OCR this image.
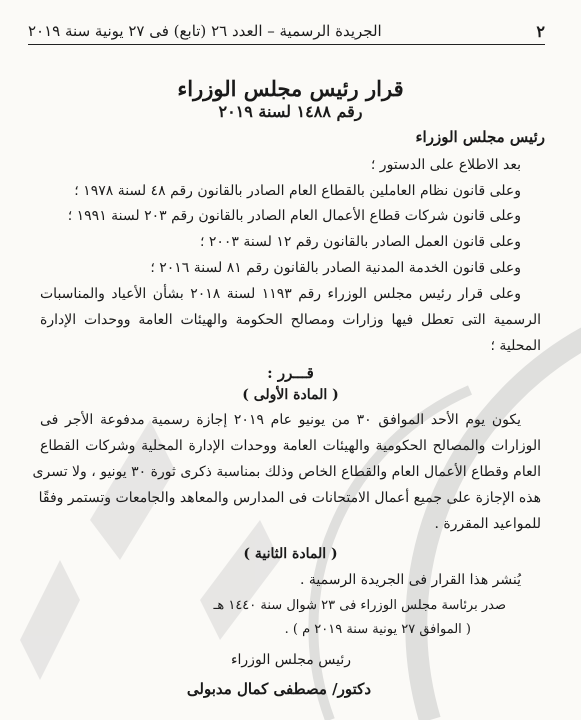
٢
الجريدة الرسمية – العدد ٢٦ (تابع) فى ٢٧ يونية سنة ٢٠١٩
قرار رئيس مجلس الوزراء
رقم ١٤٨٨ لسنة ٢٠١٩
رئيس مجلس الوزراء
بعد الاطلاع على الدستور ؛
وعلى قانون نظام العاملين بالقطاع العام الصادر بالقانون رقم ٤٨ لسنة ١٩٧٨ ؛
وعلى قانون شركات قطاع الأعمال العام الصادر بالقانون رقم ٢٠٣ لسنة ١٩٩١ ؛
وعلى قانون العمل الصادر بالقانون رقم ١٢ لسنة ٢٠٠٣ ؛
وعلى قانون الخدمة المدنية الصادر بالقانون رقم ٨١ لسنة ٢٠١٦ ؛
وعلى قرار رئيس مجلس الوزراء رقم ١١٩٣ لسنة ٢٠١٨ بشأن الأعياد والمناسبات
الرسمية التى تعطل فيها وزارات ومصالح الحكومة والهيئات العامة ووحدات الإدارة
المحلية ؛
قـــرر :
( المادة الأولى )
يكون يوم الأحد الموافق ٣٠ من يونيو عام ٢٠١٩ إجازة رسمية مدفوعة الأجر فى
الوزارات والمصالح الحكومية والهيئات العامة ووحدات الإدارة المحلية وشركات القطاع
العام وقطاع الأعمال العام والقطاع الخاص وذلك بمناسبة ذكرى ثورة ٣٠ يونيو ، ولا تسرى
هذه الإجازة على جميع أعمال الامتحانات فى المدارس والمعاهد والجامعات وتستمر وفقًا
للمواعيد المقررة .
( المادة الثانية )
يُنشر هذا القرار فى الجريدة الرسمية .
صدر برئاسة مجلس الوزراء فى ٢٣ شوال سنة ١٤٤٠ هـ
( الموافق ٢٧ يونية سنة ٢٠١٩ م ) .
رئيس مجلس الوزراء
دكتور/ مصطفى كمال مدبولى
